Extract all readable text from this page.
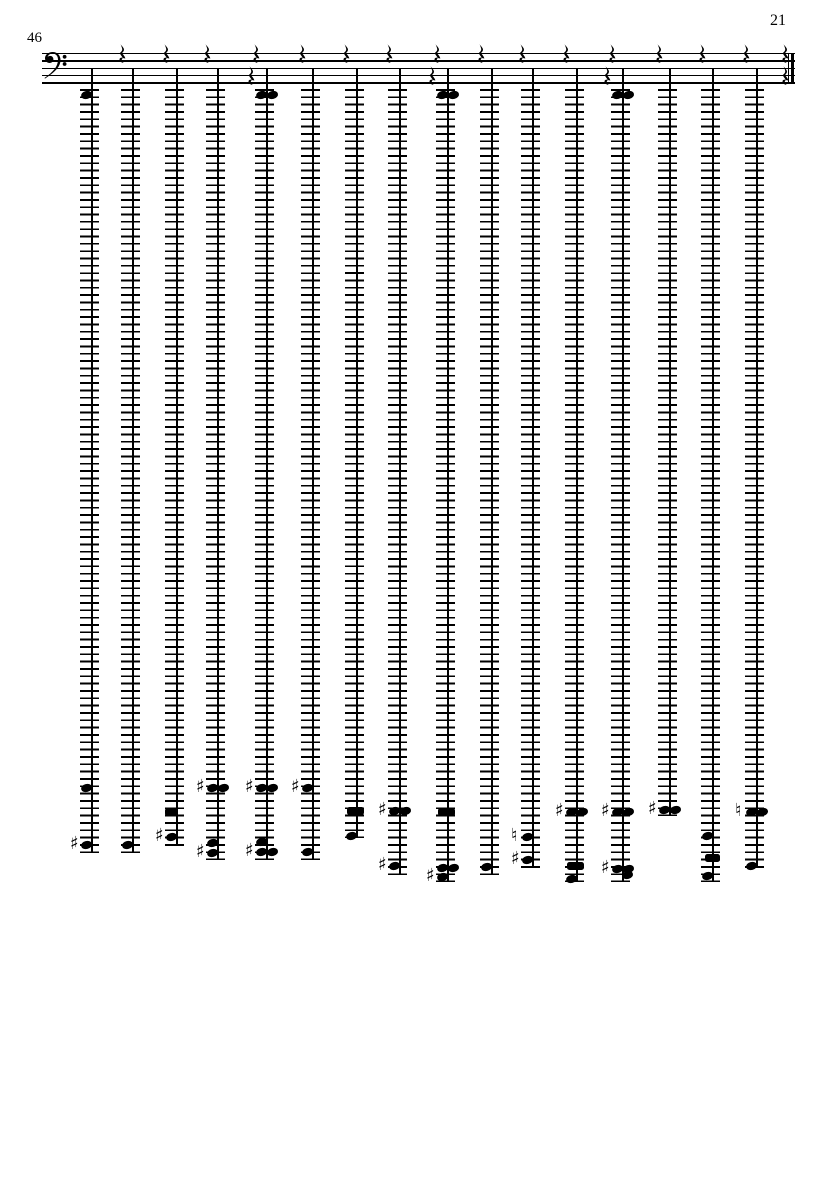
21
46
♯	♯
♯
♯
♯
♯
♯
♯
♯
♯
♮
♯
♯ ♯
♯
♯	♮
